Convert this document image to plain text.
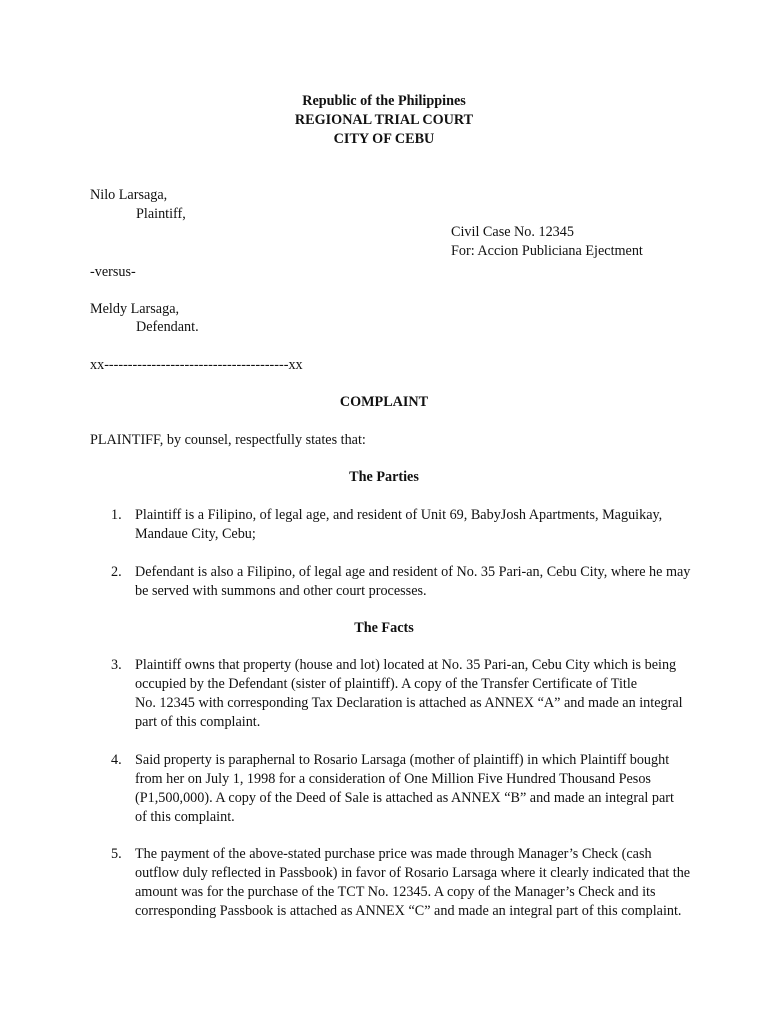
Republic of the Philippines
REGIONAL TRIAL COURT
CITY OF CEBU
Nilo Larsaga,
Plaintiff,
Civil Case No. 12345
For: Accion Publiciana Ejectment
-versus-
Meldy Larsaga,
Defendant.
xx---------------------------------------xx
COMPLAINT
PLAINTIFF, by counsel, respectfully states that:
The Parties
1. Plaintiff is a Filipino, of legal age, and resident of Unit 69, BabyJosh Apartments, Maguikay,
Mandaue City, Cebu;
2. Defendant is also a Filipino, of legal age and resident of No. 35 Pari-an, Cebu City, where he may
be served with summons and other court processes.
The Facts
3. Plaintiff owns that property (house and lot) located at No. 35 Pari-an, Cebu City which is being
occupied by the Defendant (sister of plaintiff). A copy of the Transfer Certificate of Title
No. 12345 with corresponding Tax Declaration is attached as ANNEX “A” and made an integral
part of this complaint.
4. Said property is paraphernal to Rosario Larsaga (mother of plaintiff) in which Plaintiff bought
from her on July 1, 1998 for a consideration of One Million Five Hundred Thousand Pesos
(P1,500,000). A copy of the Deed of Sale is attached as ANNEX “B” and made an integral part
of this complaint.
5. The payment of the above-stated purchase price was made through Manager’s Check (cash
outflow duly reflected in Passbook) in favor of Rosario Larsaga where it clearly indicated that the
amount was for the purchase of the TCT No. 12345. A copy of the Manager’s Check and its
corresponding Passbook is attached as ANNEX “C” and made an integral part of this complaint.
